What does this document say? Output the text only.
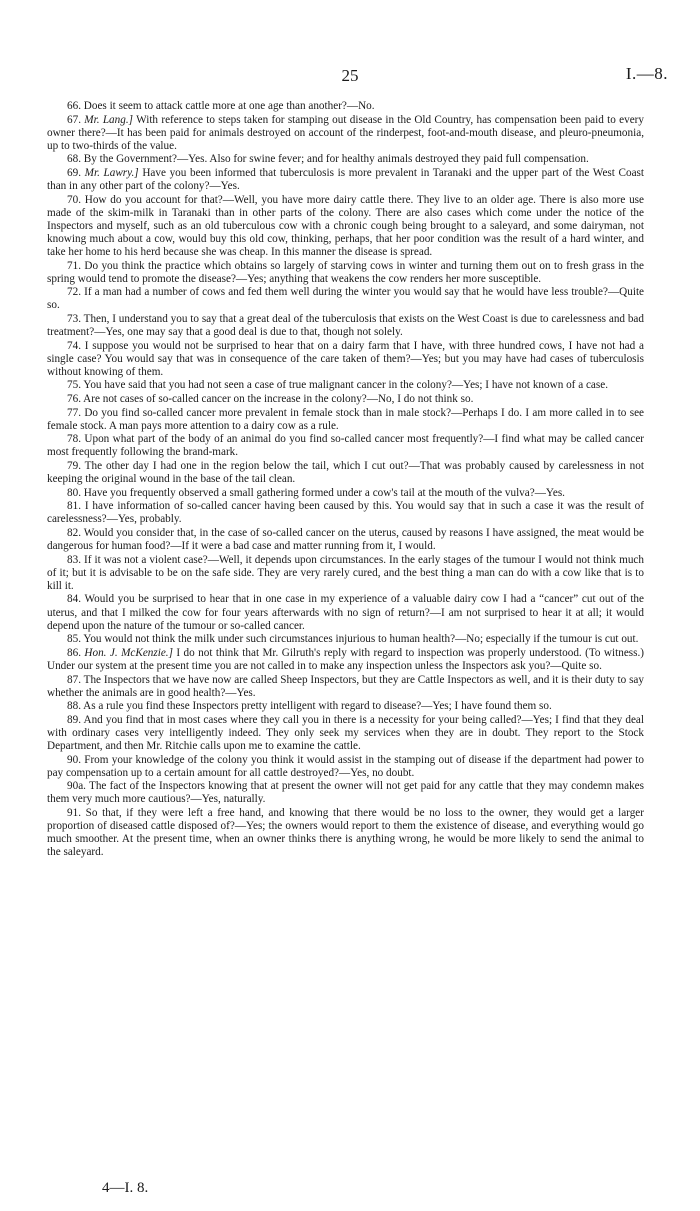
25	I.—8.

66. Does it seem to attack cattle more at one age than another?—No.

67. Mr. Lang.] With reference to steps taken for stamping out disease in the Old Country, has compensation been paid to every owner there?—It has been paid for animals destroyed on account of the rinderpest, foot-and-mouth disease, and pleuro-pneumonia, up to two-thirds of the value.

68. By the Government?—Yes. Also for swine fever; and for healthy animals destroyed they paid full compensation.

69. Mr. Lawry.] Have you been informed that tuberculosis is more prevalent in Taranaki and the upper part of the West Coast than in any other part of the colony?—Yes.

70. How do you account for that?—Well, you have more dairy cattle there. They live to an older age. There is also more use made of the skim-milk in Taranaki than in other parts of the colony. There are also cases which come under the notice of the Inspectors and myself, such as an old tuberculous cow with a chronic cough being brought to a saleyard, and some dairyman, not knowing much about a cow, would buy this old cow, thinking, perhaps, that her poor condition was the result of a hard winter, and take her home to his herd because she was cheap. In this manner the disease is spread.

71. Do you think the practice which obtains so largely of starving cows in winter and turning them out on to fresh grass in the spring would tend to promote the disease?—Yes; anything that weakens the cow renders her more susceptible.

72. If a man had a number of cows and fed them well during the winter you would say that he would have less trouble?—Quite so.

73. Then, I understand you to say that a great deal of the tuberculosis that exists on the West Coast is due to carelessness and bad treatment?—Yes, one may say that a good deal is due to that, though not solely.

74. I suppose you would not be surprised to hear that on a dairy farm that I have, with three hundred cows, I have not had a single case? You would say that was in consequence of the care taken of them?—Yes; but you may have had cases of tuberculosis without knowing of them.

75. You have said that you had not seen a case of true malignant cancer in the colony?—Yes; I have not known of a case.

76. Are not cases of so-called cancer on the increase in the colony?—No, I do not think so.

77. Do you find so-called cancer more prevalent in female stock than in male stock?—Perhaps I do. I am more called in to see female stock. A man pays more attention to a dairy cow as a rule.

78. Upon what part of the body of an animal do you find so-called cancer most frequently?—I find what may be called cancer most frequently following the brand-mark.

79. The other day I had one in the region below the tail, which I cut out?—That was probably caused by carelessness in not keeping the original wound in the base of the tail clean.

80. Have you frequently observed a small gathering formed under a cow's tail at the mouth of the vulva?—Yes.

81. I have information of so-called cancer having been caused by this. You would say that in such a case it was the result of carelessness?—Yes, probably.

82. Would you consider that, in the case of so-called cancer on the uterus, caused by reasons I have assigned, the meat would be dangerous for human food?—If it were a bad case and matter running from it, I would.

83. If it was not a violent case?—Well, it depends upon circumstances. In the early stages of the tumour I would not think much of it; but it is advisable to be on the safe side. They are very rarely cured, and the best thing a man can do with a cow like that is to kill it.

84. Would you be surprised to hear that in one case in my experience of a valuable dairy cow I had a “cancer” cut out of the uterus, and that I milked the cow for four years afterwards with no sign of return?—I am not surprised to hear it at all; it would depend upon the nature of the tumour or so-called cancer.

85. You would not think the milk under such circumstances injurious to human health?—No; especially if the tumour is cut out.

86. Hon. J. McKenzie.] I do not think that Mr. Gilruth's reply with regard to inspection was properly understood. (To witness.) Under our system at the present time you are not called in to make any inspection unless the Inspectors ask you?—Quite so.

87. The Inspectors that we have now are called Sheep Inspectors, but they are Cattle Inspectors as well, and it is their duty to say whether the animals are in good health?—Yes.

88. As a rule you find these Inspectors pretty intelligent with regard to disease?—Yes; I have found them so.

89. And you find that in most cases where they call you in there is a necessity for your being called?—Yes; I find that they deal with ordinary cases very intelligently indeed. They only seek my services when they are in doubt. They report to the Stock Department, and then Mr. Ritchie calls upon me to examine the cattle.

90. From your knowledge of the colony you think it would assist in the stamping out of disease if the department had power to pay compensation up to a certain amount for all cattle destroyed?—Yes, no doubt.

90a. The fact of the Inspectors knowing that at present the owner will not get paid for any cattle that they may condemn makes them very much more cautious?—Yes, naturally.

91. So that, if they were left a free hand, and knowing that there would be no loss to the owner, they would get a larger proportion of diseased cattle disposed of?—Yes; the owners would report to them the existence of disease, and everything would go much smoother. At the present time, when an owner thinks there is anything wrong, he would be more likely to send the animal to the saleyard.

4—I. 8.
